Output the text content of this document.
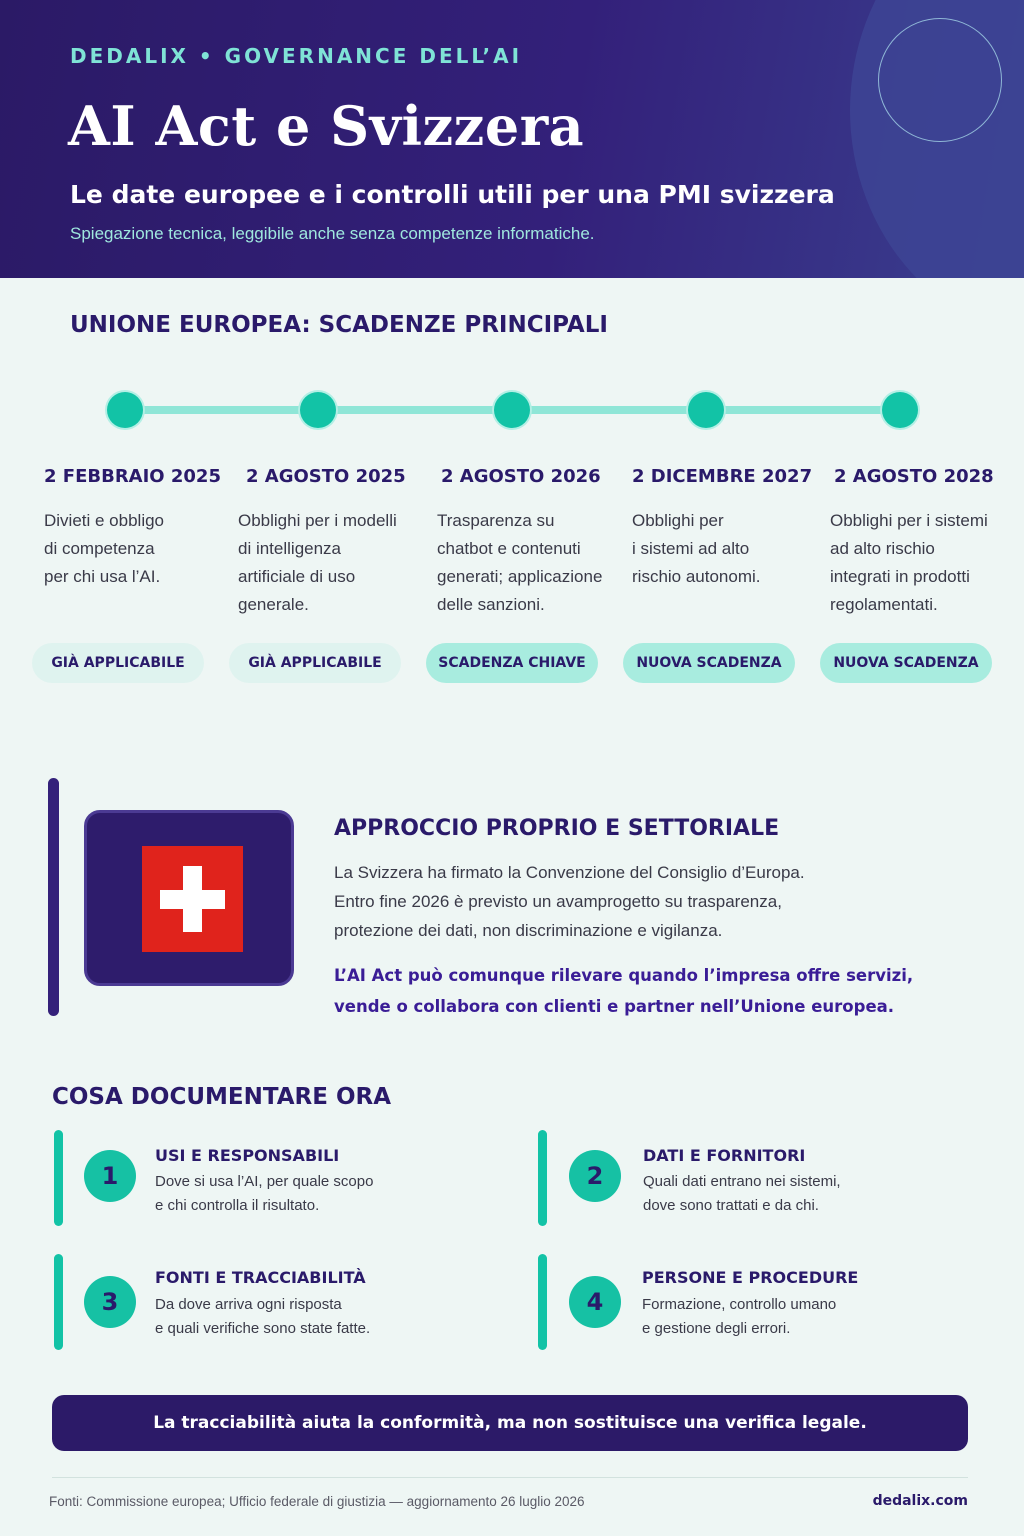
DEDALIX • GOVERNANCE DELL’AI
AI Act e Svizzera
Le date europee e i controlli utili per una PMI svizzera

Spiegazione tecnica, leggibile anche senza competenze informatiche.

UNIONE EUROPEA: SCADENZE PRINCIPALI
2 FEBBRAIO 2025
Divieti e obbligo
di competenza
per chi usa l’AI.
2 AGOSTO 2025
Obblighi per i modelli
di intelligenza
artificiale di uso
generale.
2 AGOSTO 2026
Trasparenza su
chatbot e contenuti
generati; applicazione
delle sanzioni.
2 DICEMBRE 2027
Obblighi per
i sistemi ad alto
rischio autonomi.
2 AGOSTO 2028
Obblighi per i sistemi
ad alto rischio
integrati in prodotti
regolamentati.
GIÀ APPLICABILE	GIÀ APPLICABILE	SCADENZA CHIAVE	NUOVA SCADENZA	NUOVA SCADENZA
APPROCCIO PROPRIO E SETTORIALE

La Svizzera ha firmato la Convenzione del Consiglio d’Europa.
Entro fine 2026 è previsto un avamprogetto su trasparenza,
protezione dei dati, non discriminazione e vigilanza.

L’AI Act può comunque rilevare quando l’impresa offre servizi,
vende o collabora con clienti e partner nell’Unione europea.

COSA DOCUMENTARE ORA
1
USI E RESPONSABILI
Dove si usa l’AI, per quale scopo
e chi controlla il risultato.
2
DATI E FORNITORI
Quali dati entrano nei sistemi,
dove sono trattati e da chi.
3
FONTI E TRACCIABILITÀ
Da dove arriva ogni risposta
e quali verifiche sono state fatte.
4
PERSONE E PROCEDURE
Formazione, controllo umano
e gestione degli errori.
La tracciabilità aiuta la conformità, ma non sostituisce una verifica legale.
Fonti: Commissione europea; Ufficio federale di giustizia — aggiornamento 26 luglio 2026	dedalix.com
